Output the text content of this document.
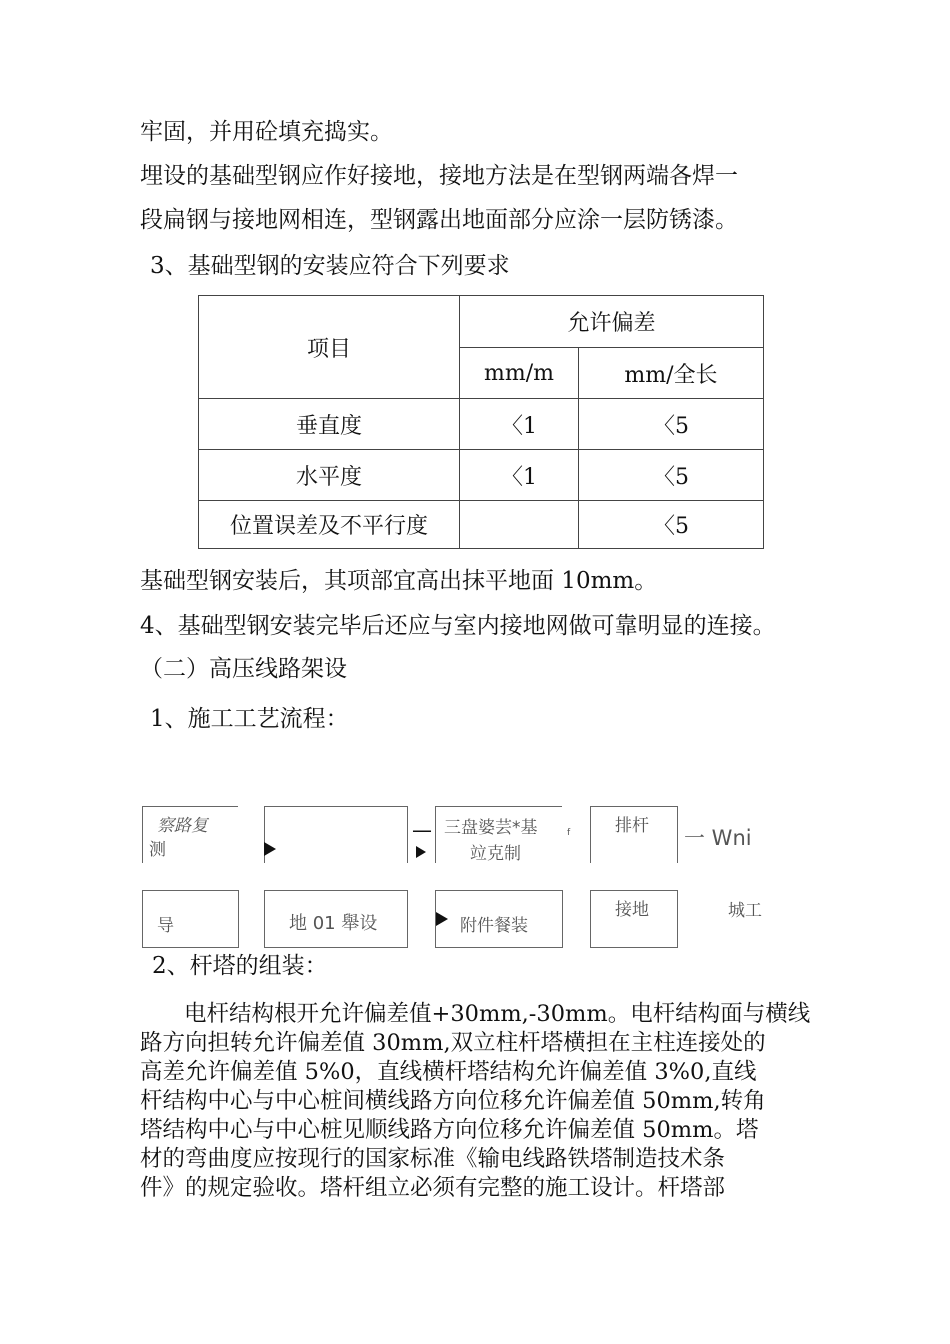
牢固，并用砼填充捣实。
埋设的基础型钢应作好接地，接地方法是在型钢两端各焊一
段扁钢与接地网相连，型钢露出地面部分应涂一层防锈漆。
3、基础型钢的安装应符合下列要求
项目	允许偏差	
	mm/m	mm/全长
垂直度	〈1	〈5
水平度	〈1	〈5
位置误差及不平行度		〈5
基础型钢安装后，其项部宜高出抹平地面 10mm。
4、基础型钢安装完毕后还应与室内接地网做可靠明显的连接。
（二）高压线路架设
1、施工工艺流程：
察路复
测
— 三盘婆芸*基
竝克制
f	排杆 一 Wni
导	地 01 舉设	附件餐装
接地	城工
2、杆塔的组装：
电杆结构根开允许偏差值+30mm,-30mm。电杆结构面与横线
路方向担转允许偏差值 30mm,双立柱杆塔横担在主柱连接处的
高差允许偏差值 5%0，直线横杆塔结构允许偏差值 3%0,直线
杆结构中心与中心桩间横线路方向位移允许偏差值 50mm,转角
塔结构中心与中心桩见顺线路方向位移允许偏差值 50mm。塔
材的弯曲度应按现行的国家标准《输电线路铁塔制造技术条
件》的规定验收。塔杆组立必须有完整的施工设计。杆塔部
